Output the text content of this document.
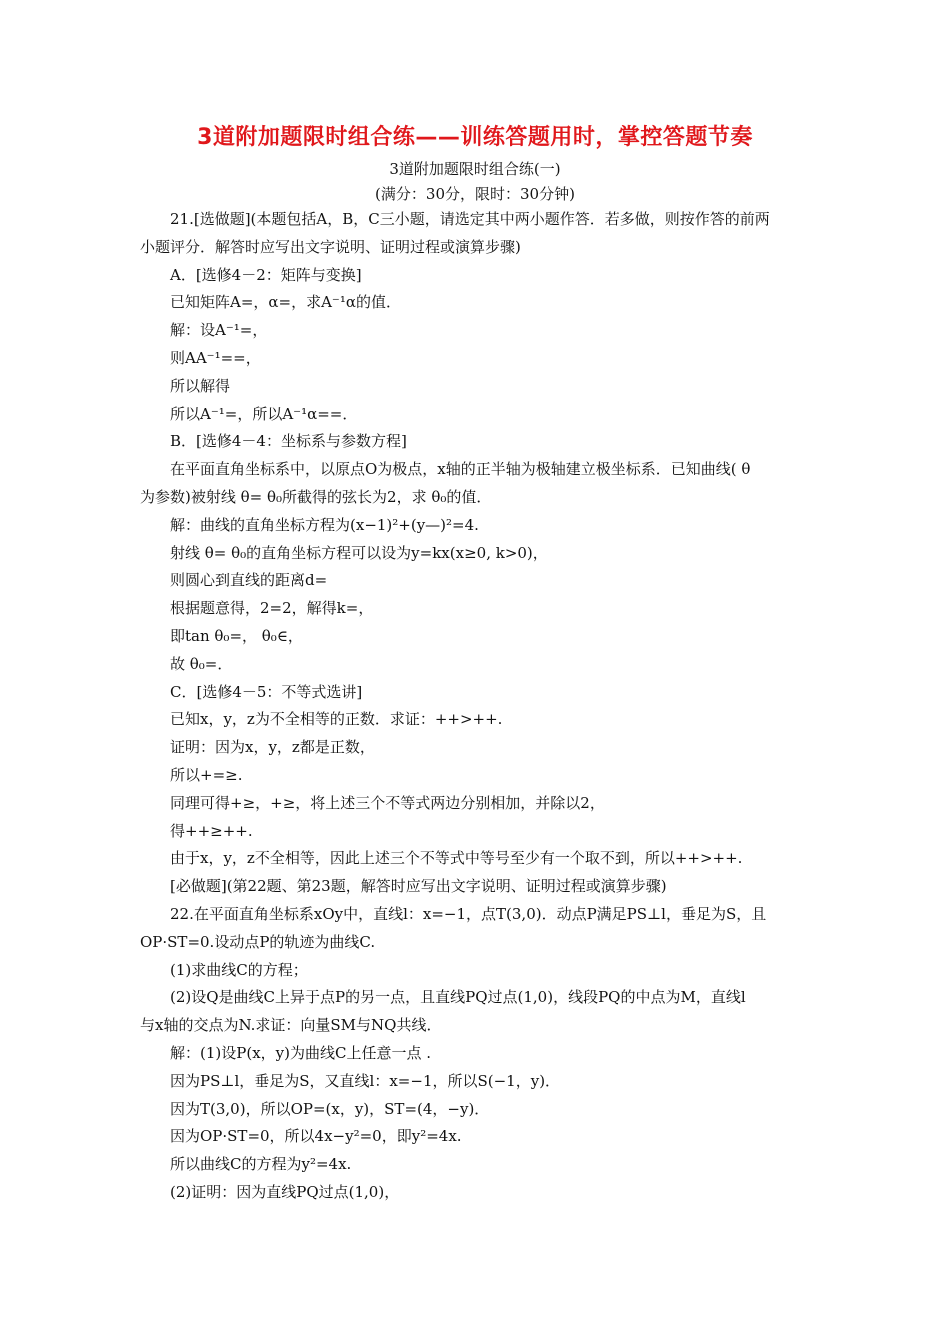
3道附加题限时组合练——训练答题用时，掌控答题节奏
3道附加题限时组合练(一)
(满分：30分，限时：30分钟)

21.[选做题](本题包括A，B，C三小题，请选定其中两小题作答．若多做，则按作答的前两

小题评分．解答时应写出文字说明、证明过程或演算步骤)

A．[选修4－2：矩阵与变换]

已知矩阵A=，α=，求A⁻¹α的值．

解：设A⁻¹=，

则AA⁻¹==，

所以解得

所以A⁻¹=，所以A⁻¹α==．

B．[选修4－4：坐标系与参数方程]

在平面直角坐标系中，以原点O为极点，x轴的正半轴为极轴建立极坐标系．已知曲线( θ

为参数)被射线 θ= θ₀所截得的弦长为2，求 θ₀的值．

解：曲线的直角坐标方程为(x−1)²+(y—)²=4.

射线 θ= θ₀的直角坐标方程可以设为y=kx(x≥0, k>0)，

则圆心到直线的距离d=

根据题意得，2=2，解得k=，

即tan θ₀=， θ₀∈，

故 θ₀=．

C．[选修4－5：不等式选讲]

已知x，y，z为不全相等的正数．求证：++>++.

证明：因为x，y，z都是正数，

所以+=≥.

同理可得+≥，+≥，将上述三个不等式两边分别相加，并除以2，

得++≥++.

由于x，y，z不全相等，因此上述三个不等式中等号至少有一个取不到，所以++>++.

[必做题](第22题、第23题，解答时应写出文字说明、证明过程或演算步骤)

22.在平面直角坐标系xOy中，直线l：x=−1，点T(3,0)．动点P满足PS⊥l，垂足为S，且

OP·ST=0.设动点P的轨迹为曲线C.

(1)求曲线C的方程；

(2)设Q是曲线C上异于点P的另一点，且直线PQ过点(1,0)，线段PQ的中点为M，直线l

与x轴的交点为N.求证：向量SM与NQ共线．

解：(1)设P(x，y)为曲线C上任意一点 .

因为PS⊥l，垂足为S，又直线l：x=−1，所以S(−1，y)．

因为T(3,0)，所以OP=(x，y)，ST=(4，−y)．

因为OP·ST=0，所以4x−y²=0，即y²=4x.

所以曲线C的方程为y²=4x.

(2)证明：因为直线PQ过点(1,0)，
